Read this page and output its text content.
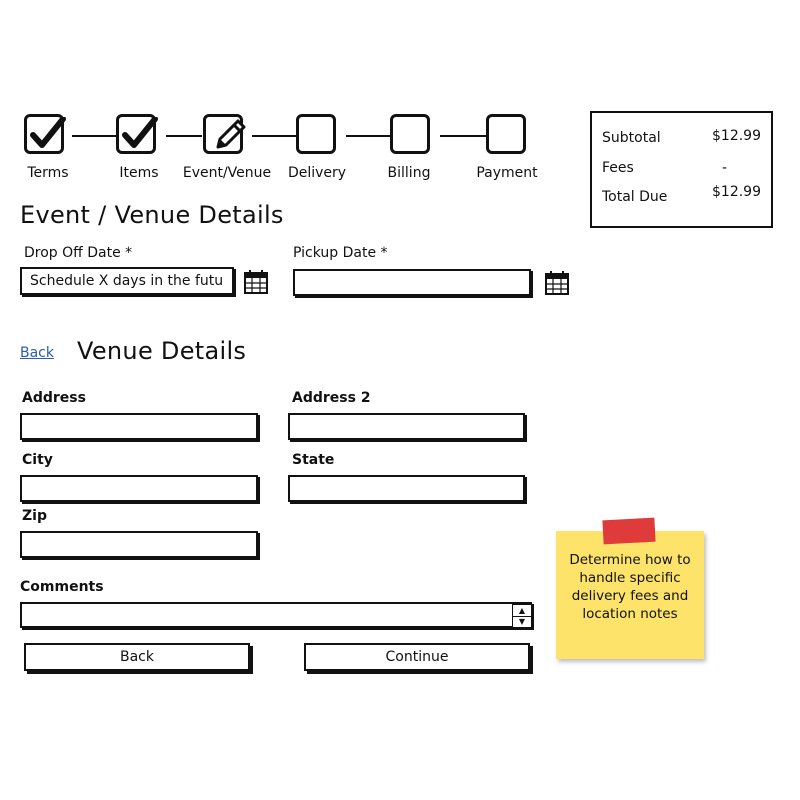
Terms	Items	Event/Venue	Delivery	Billing	Payment
Subtotal	$12.99
Fees	-
Total Due	$12.99
Event / Venue Details
Drop Off Date *
Schedule X days in the future	Pickup Date *
Back Venue Details
Address	Address 2
City	State
Zip
Comments
▲
▼
Back	Continue
Determine how to handle specific delivery fees and location notes
